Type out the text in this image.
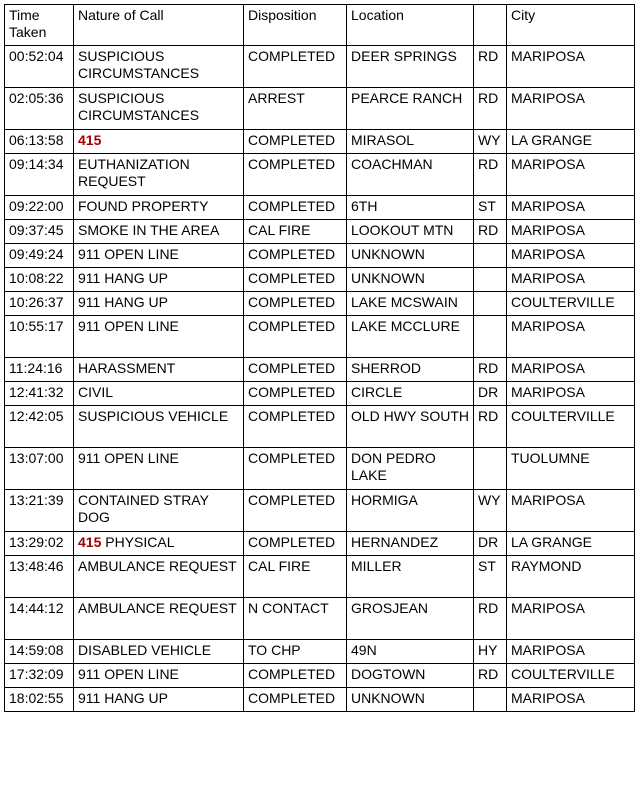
Time Taken	Nature of Call	Disposition	Location		City
00:52:04	SUSPICIOUS CIRCUMSTANCES	COMPLETED	DEER SPRINGS	RD	MARIPOSA
02:05:36	SUSPICIOUS CIRCUMSTANCES	ARREST	PEARCE RANCH	RD	MARIPOSA
06:13:58	415	COMPLETED	MIRASOL	WY	LA GRANGE
09:14:34	EUTHANIZATION REQUEST	COMPLETED	COACHMAN	RD	MARIPOSA
09:22:00	FOUND PROPERTY	COMPLETED	6TH	ST	MARIPOSA
09:37:45	SMOKE IN THE AREA	CAL FIRE	LOOKOUT MTN	RD	MARIPOSA
09:49:24	911 OPEN LINE	COMPLETED	UNKNOWN		MARIPOSA
10:08:22	911 HANG UP	COMPLETED	UNKNOWN		MARIPOSA
10:26:37	911 HANG UP	COMPLETED	LAKE MCSWAIN		COULTERVILLE
10:55:17	911 OPEN LINE	COMPLETED	LAKE MCCLURE		MARIPOSA
11:24:16	HARASSMENT	COMPLETED	SHERROD	RD	MARIPOSA
12:41:32	CIVIL	COMPLETED	CIRCLE	DR	MARIPOSA
12:42:05	SUSPICIOUS VEHICLE	COMPLETED	OLD HWY SOUTH	RD	COULTERVILLE
13:07:00	911 OPEN LINE	COMPLETED	DON PEDRO LAKE		TUOLUMNE
13:21:39	CONTAINED STRAY DOG	COMPLETED	HORMIGA	WY	MARIPOSA
13:29:02	415 PHYSICAL	COMPLETED	HERNANDEZ	DR	LA GRANGE
13:48:46	AMBULANCE REQUEST	CAL FIRE	MILLER	ST	RAYMOND
14:44:12	AMBULANCE REQUEST	N CONTACT	GROSJEAN	RD	MARIPOSA
14:59:08	DISABLED VEHICLE	TO CHP	49N	HY	MARIPOSA
17:32:09	911 OPEN LINE	COMPLETED	DOGTOWN	RD	COULTERVILLE
18:02:55	911 HANG UP	COMPLETED	UNKNOWN		MARIPOSA
